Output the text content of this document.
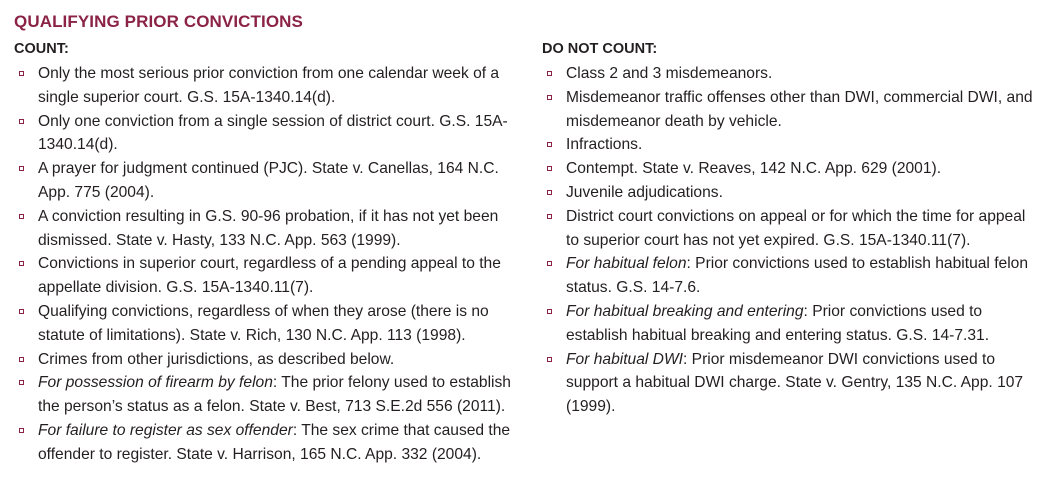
QUALIFYING PRIOR CONVICTIONS
COUNT:
Only the most serious prior conviction from one calendar week of a single superior court. G.S. 15A-1340.14(d).
Only one conviction from a single session of district court. G.S. 15A-1340.14(d).
A prayer for judgment continued (PJC). State v. Canellas, 164 N.C. App. 775 (2004).
A conviction resulting in G.S. 90-96 probation, if it has not yet been dismissed. State v. Hasty, 133 N.C. App. 563 (1999).
Convictions in superior court, regardless of a pending appeal to the appellate division. G.S. 15A-1340.11(7).
Qualifying convictions, regardless of when they arose (there is no statute of limitations). State v. Rich, 130 N.C. App. 113 (1998).
Crimes from other jurisdictions, as described below.
For possession of firearm by felon: The prior felony used to establish the person’s status as a felon. State v. Best, 713 S.E.2d 556 (2011).
For failure to register as sex offender: The sex crime that caused the offender to register. State v. Harrison, 165 N.C. App. 332 (2004).
DO NOT COUNT:
Class 2 and 3 misdemeanors.
Misdemeanor traffic offenses other than DWI, commercial DWI, and misdemeanor death by vehicle.
Infractions.
Contempt. State v. Reaves, 142 N.C. App. 629 (2001).
Juvenile adjudications.
District court convictions on appeal or for which the time for appeal to superior court has not yet expired. G.S. 15A-1340.11(7).
For habitual felon: Prior convictions used to establish habitual felon status. G.S. 14-7.6.
For habitual breaking and entering: Prior convictions used to establish habitual breaking and entering status. G.S. 14-7.31.
For habitual DWI: Prior misdemeanor DWI convictions used to support a habitual DWI charge. State v. Gentry, 135 N.C. App. 107 (1999).
